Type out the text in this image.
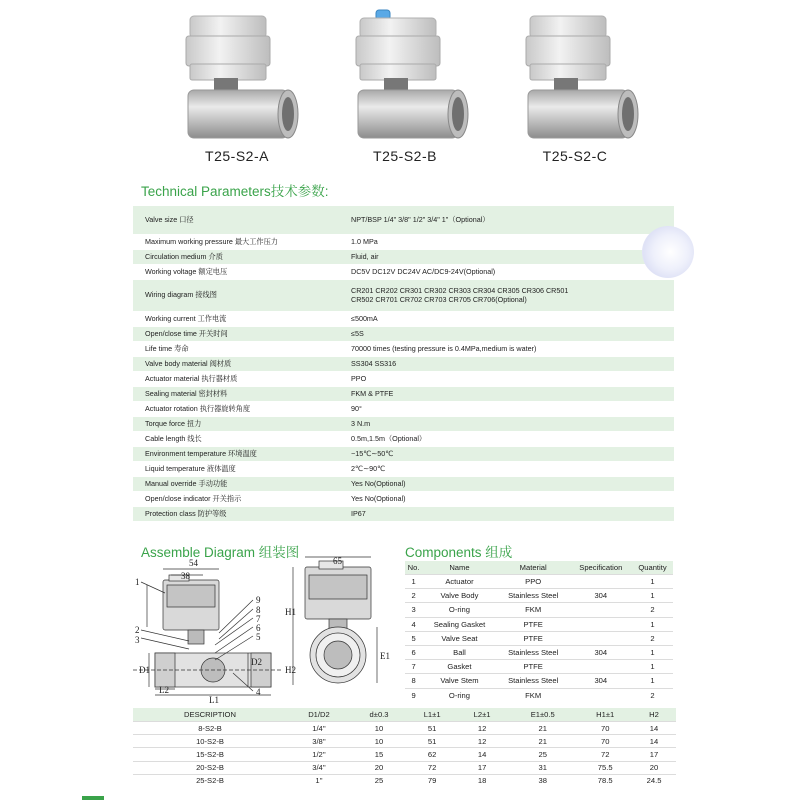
T25-S2-A	T25-S2-B	T25-S2-C
Technical Parameters技术参数:
Valve size 口径	NPT/BSP 1/4" 3/8" 1/2" 3/4" 1"（Optional）

Maximum working pressure 最大工作压力	1.0 MPa

Circulation medium 介质	Fluid, air

Working voltage 额定电压	DC5V DC12V DC24V AC/DC9-24V(Optional)

Wiring diagram 接线图	CR201 CR202 CR301 CR302 CR303 CR304 CR305 CR306 CR501
CR502 CR701 CR702 CR703 CR705 CR706(Optional)

Working current 工作电流	≤500mA

Open/close time 开关时间	≤5S

Life time 寿命	70000 times (testing pressure is 0.4MPa,medium is water)

Valve body material 阀材质	SS304 SS316

Actuator material 执行器材质	PPO

Sealing material 密封材料	FKM & PTFE

Actuator rotation 执行器旋转角度	90°

Torque force 扭力	3 N.m

Cable length 线长	0.5m,1.5m（Optional）

Environment temperature 环境温度	−15℃∼50℃

Liquid temperature 液体温度	2℃∼90℃

Manual override 手动功能	Yes No(Optional)

Open/close indicator 开关指示	Yes No(Optional)

Protection class 防护等级	IP67
Assemble Diagram 组装图
54
38
65
H1
H2
E1
D1
D2
L1
L2
1
2
3
4
5
6
7
8
9
Components 组成
No.	Name	Material	Specification	Quantity
1	Actuator	PPO		1
2	Valve Body	Stainless Steel	304	1
3	O-ring	FKM		2
4	Sealing Gasket	PTFE		1
5	Valve Seat	PTFE		2
6	Ball	Stainless Steel	304	1
7	Gasket	PTFE		1
8	Valve Stem	Stainless Steel	304	1
9	O-ring	FKM		2
DESCRIPTION	D1/D2	d±0.3	L1±1	L2±1	E1±0.5	H1±1	H2
8-S2-B	1/4''	10	51	12	21	70	14
10-S2-B	3/8''	10	51	12	21	70	14
15-S2-B	1/2''	15	62	14	25	72	17
20-S2-B	3/4''	20	72	17	31	75.5	20
25-S2-B	1''	25	79	18	38	78.5	24.5
